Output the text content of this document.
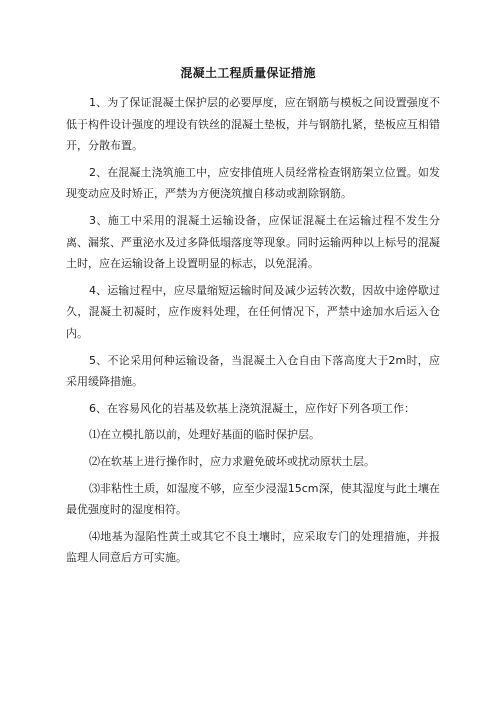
混凝土工程质量保证措施

1、为了保证混凝土保护层的必要厚度，应在钢筋与模板之间设置强度不低于构件设计强度的埋设有铁丝的混凝土垫板，并与钢筋扎紧，垫板应互相错开，分散布置。

2、在混凝土浇筑施工中，应安排值班人员经常检查钢筋架立位置。如发现变动应及时矫正，严禁为方便浇筑擅自移动或割除钢筋。

3、施工中采用的混凝土运输设备，应保证混凝土在运输过程不发生分离、漏浆、严重泌水及过多降低塌落度等现象。同时运输两种以上标号的混凝土时，应在运输设备上设置明显的标志，以免混淆。

4、运输过程中，应尽量缩短运输时间及减少运转次数，因故中途停歇过久，混凝土初凝时，应作废料处理，在任何情况下，严禁中途加水后运入仓内。

5、不论采用何种运输设备，当混凝土入仓自由下落高度大于2m时，应采用缓降措施。

6、在容易风化的岩基及软基上浇筑混凝土，应作好下列各项工作：

⑴在立模扎筋以前，处理好基面的临时保护层。

⑵在软基上进行操作时，应力求避免破坏或扰动原状土层。

⑶非粘性土质，如湿度不够，应至少浸湿15cm深，使其湿度与此土壤在最优强度时的湿度相符。

⑷地基为湿陷性黄土或其它不良土壤时，应采取专门的处理措施，并报监理人同意后方可实施。
